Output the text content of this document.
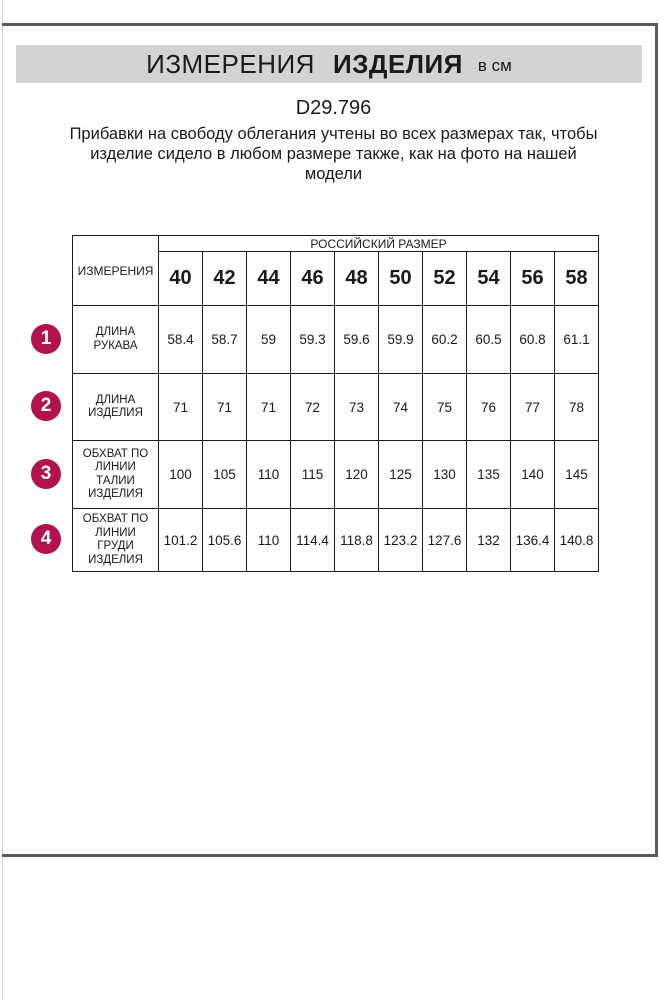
ИЗМЕРЕНИЯ ИЗДЕЛИЯ в см
D29.796
Прибавки на свободу облегания учтены во всех размерах так, чтобы
изделие сидело в любом размере также, как на фото на нашей
модели
ИЗМЕРЕНИЯ	РОССИЙСКИЙ РАЗМЕР									
	40	42	44	46	48	50	52	54	56	58
ДЛИНА РУКАВА	58.4	58.7	59	59.3	59.6	59.9	60.2	60.5	60.8	61.1
ДЛИНА ИЗДЕЛИЯ	71	71	71	72	73	74	75	76	77	78
ОБХВАТ ПО ЛИНИИ ТАЛИИ ИЗДЕЛИЯ	100	105	110	115	120	125	130	135	140	145
ОБХВАТ ПО ЛИНИИ ГРУДИ ИЗДЕЛИЯ	101.2	105.6	110	114.4	118.8	123.2	127.6	132	136.4	140.8
1
2
3
4
